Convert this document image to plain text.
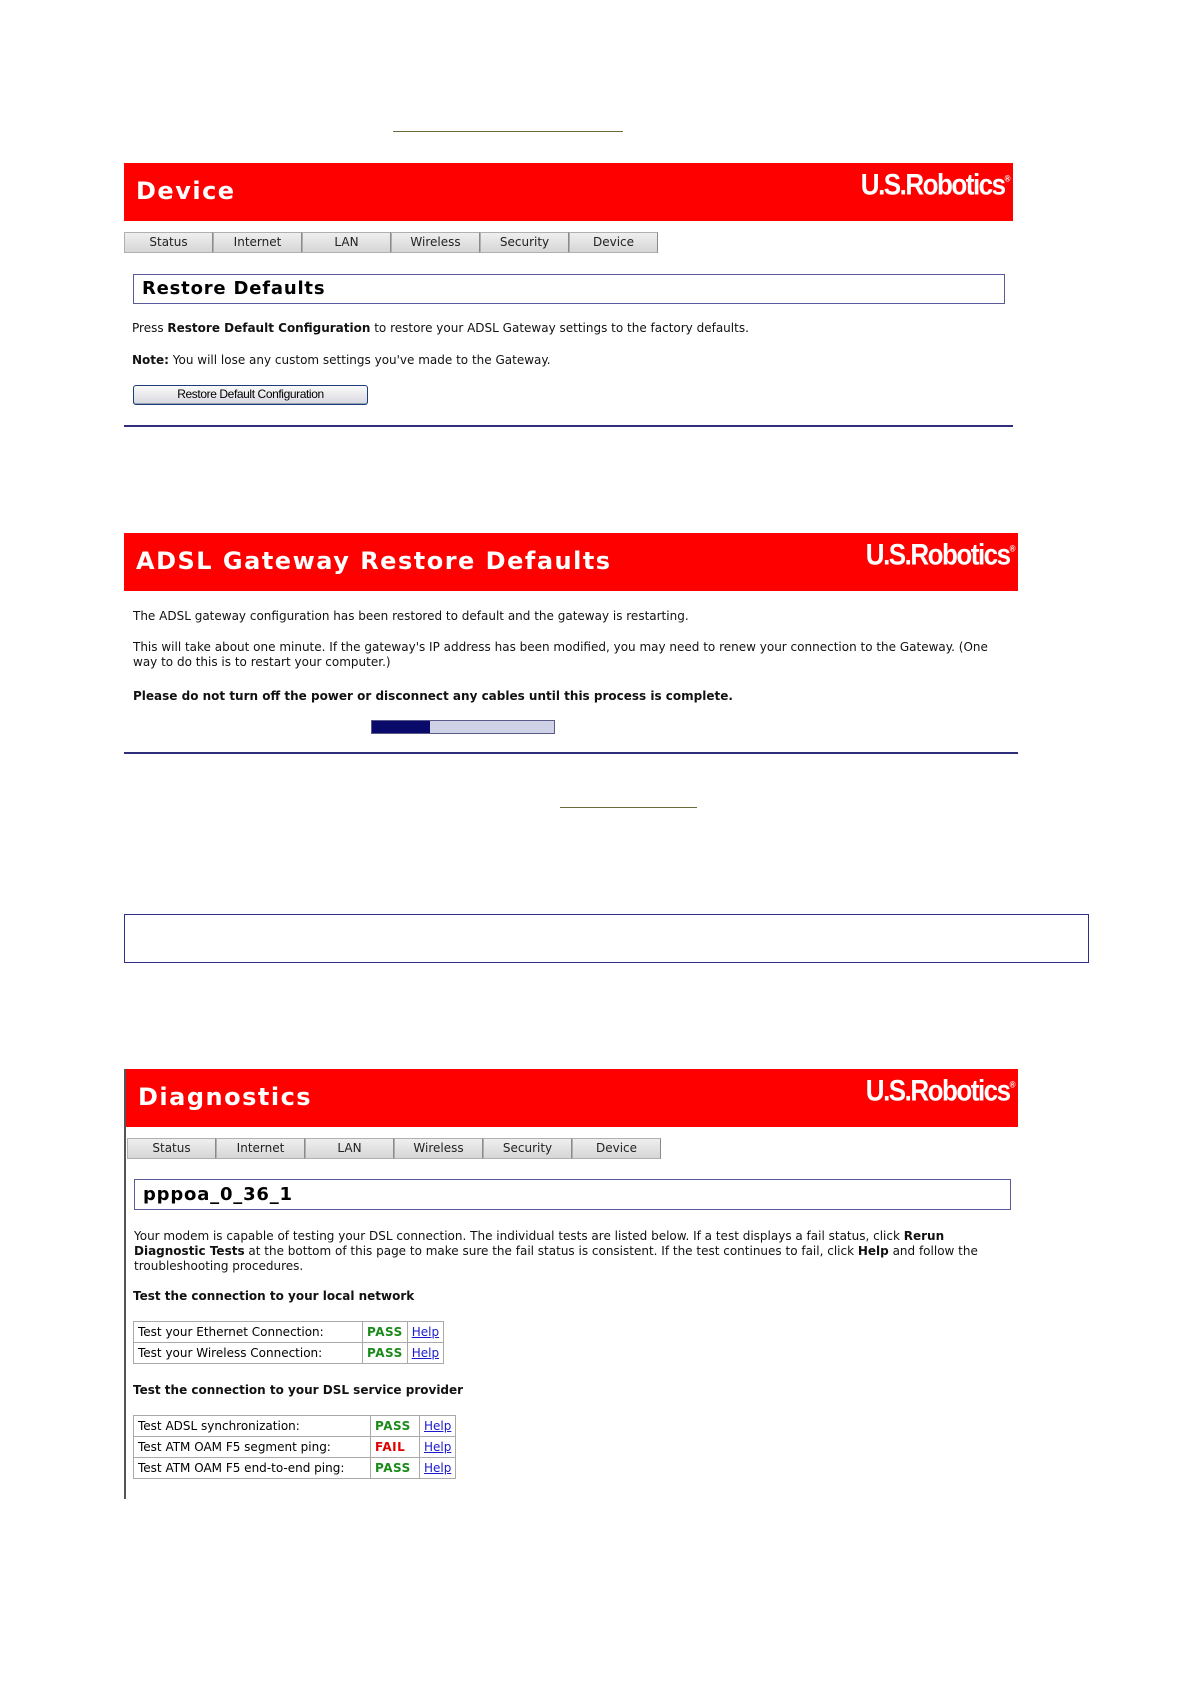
Device	U.S.Robotics®
Status	Internet	LAN	Wireless	Security	Device
Restore Defaults
Press Restore Default Configuration to restore your ADSL Gateway settings to the factory defaults.
Note: You will lose any custom settings you've made to the Gateway.
Restore Default Configuration
ADSL Gateway Restore Defaults	U.S.Robotics®
The ADSL gateway configuration has been restored to default and the gateway is restarting.
This will take about one minute. If the gateway's IP address has been modified, you may need to renew your connection to the Gateway. (One way to do this is to restart your computer.)
Please do not turn off the power or disconnect any cables until this process is complete.
Diagnostics	U.S.Robotics®
Status	Internet	LAN	Wireless	Security	Device
pppoa_0_36_1
Your modem is capable of testing your DSL connection. The individual tests are listed below. If a test displays a fail status, click Rerun Diagnostic Tests at the bottom of this page to make sure the fail status is consistent. If the test continues to fail, click Help and follow the troubleshooting procedures.
Test the connection to your local network
Test your Ethernet Connection:	PASS	Help
Test your Wireless Connection:	PASS	Help
Test the connection to your DSL service provider
Test ADSL synchronization:	PASS	Help
Test ATM OAM F5 segment ping:	FAIL	Help
Test ATM OAM F5 end-to-end ping:	PASS	Help
